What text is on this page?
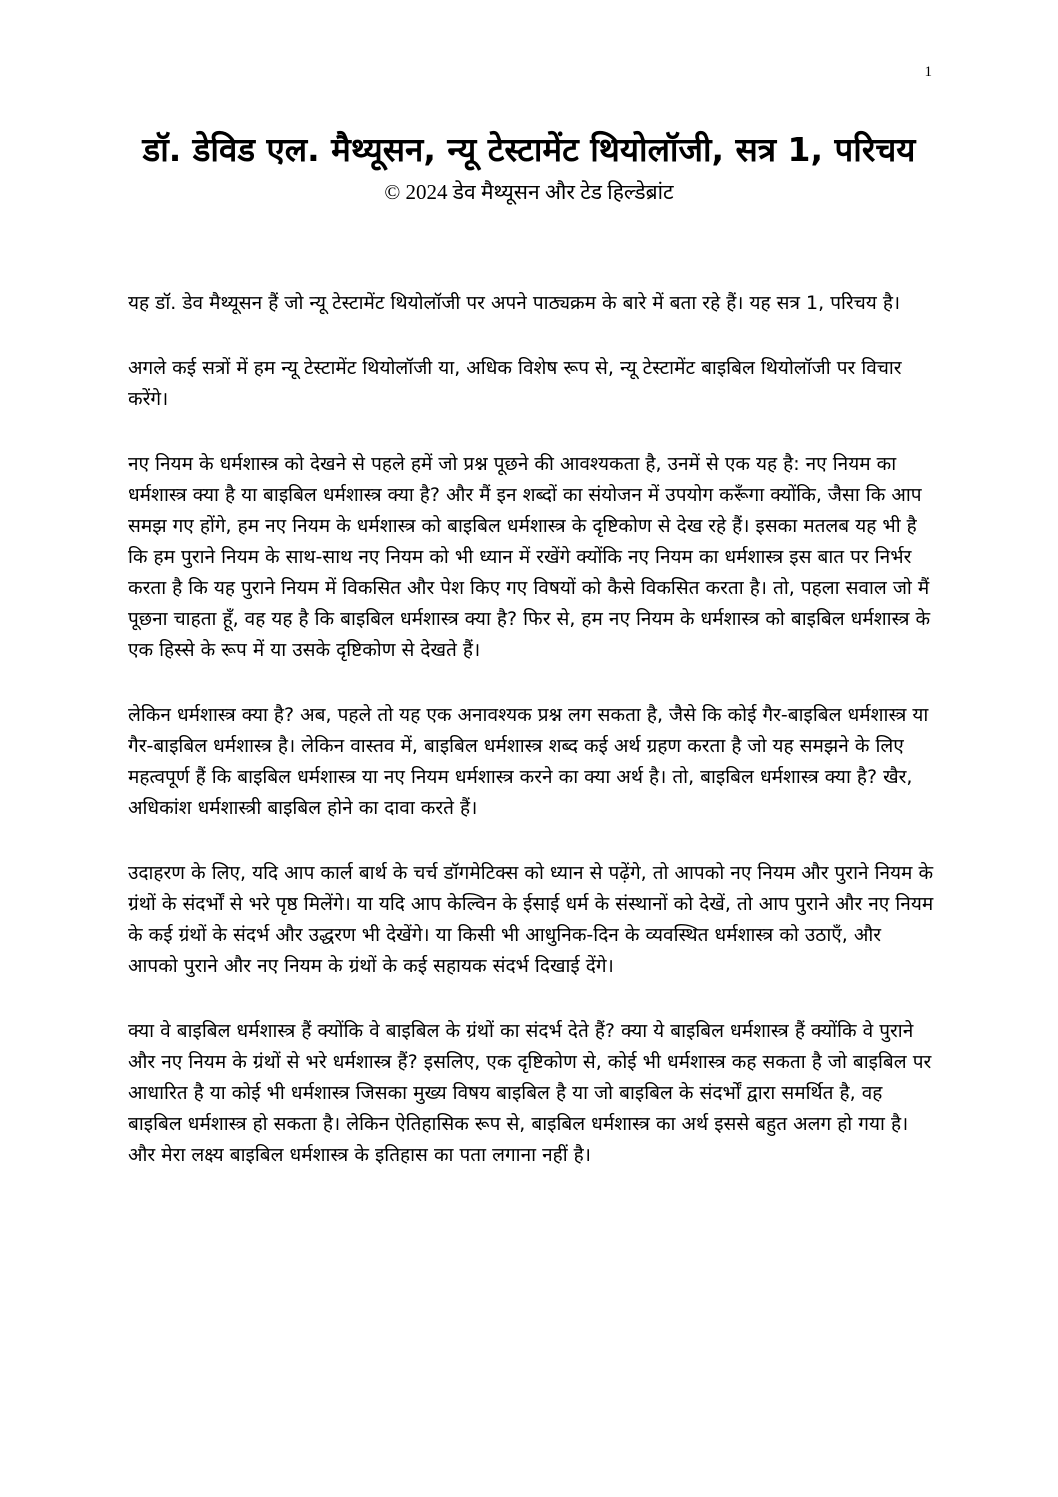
1
डॉ. डेविड एल. मैथ्यूसन, न्यू टेस्टामेंट थियोलॉजी, सत्र 1, परिचय
© 2024 डेव मैथ्यूसन और टेड हिल्डेब्रांट

यह डॉ. डेव मैथ्यूसन हैं जो न्यू टेस्टामेंट थियोलॉजी पर अपने पाठ्यक्रम के बारे में बता रहे हैं। यह सत्र 1, परिचय है।

अगले कई सत्रों में हम न्यू टेस्टामेंट थियोलॉजी या, अधिक विशेष रूप से, न्यू टेस्टामेंट बाइबिल थियोलॉजी पर विचार करेंगे।

नए नियम के धर्मशास्त्र को देखने से पहले हमें जो प्रश्न पूछने की आवश्यकता है, उनमें से एक यह है: नए नियम का धर्मशास्त्र क्या है या बाइबिल धर्मशास्त्र क्या है? और मैं इन शब्दों का संयोजन में उपयोग करूँगा क्योंकि, जैसा कि आप समझ गए होंगे, हम नए नियम के धर्मशास्त्र को बाइबिल धर्मशास्त्र के दृष्टिकोण से देख रहे हैं। इसका मतलब यह भी है कि हम पुराने नियम के साथ-साथ नए नियम को भी ध्यान में रखेंगे क्योंकि नए नियम का धर्मशास्त्र इस बात पर निर्भर करता है कि यह पुराने नियम में विकसित और पेश किए गए विषयों को कैसे विकसित करता है। तो, पहला सवाल जो मैं पूछना चाहता हूँ, वह यह है कि बाइबिल धर्मशास्त्र क्या है? फिर से, हम नए नियम के धर्मशास्त्र को बाइबिल धर्मशास्त्र के एक हिस्से के रूप में या उसके दृष्टिकोण से देखते हैं।

लेकिन धर्मशास्त्र क्या है? अब, पहले तो यह एक अनावश्यक प्रश्न लग सकता है, जैसे कि कोई गैर-बाइबिल धर्मशास्त्र या गैर-बाइबिल धर्मशास्त्र है। लेकिन वास्तव में, बाइबिल धर्मशास्त्र शब्द कई अर्थ ग्रहण करता है जो यह समझने के लिए महत्वपूर्ण हैं कि बाइबिल धर्मशास्त्र या नए नियम धर्मशास्त्र करने का क्या अर्थ है। तो, बाइबिल धर्मशास्त्र क्या है? खैर, अधिकांश धर्मशास्त्री बाइबिल होने का दावा करते हैं।

उदाहरण के लिए, यदि आप कार्ल बार्थ के चर्च डॉगमेटिक्स को ध्यान से पढ़ेंगे, तो आपको नए नियम और पुराने नियम के ग्रंथों के संदर्भों से भरे पृष्ठ मिलेंगे। या यदि आप केल्विन के ईसाई धर्म के संस्थानों को देखें, तो आप पुराने और नए नियम के कई ग्रंथों के संदर्भ और उद्धरण भी देखेंगे। या किसी भी आधुनिक-दिन के व्यवस्थित धर्मशास्त्र को उठाएँ, और आपको पुराने और नए नियम के ग्रंथों के कई सहायक संदर्भ दिखाई देंगे।

क्या वे बाइबिल धर्मशास्त्र हैं क्योंकि वे बाइबिल के ग्रंथों का संदर्भ देते हैं? क्या ये बाइबिल धर्मशास्त्र हैं क्योंकि वे पुराने और नए नियम के ग्रंथों से भरे धर्मशास्त्र हैं? इसलिए, एक दृष्टिकोण से, कोई भी धर्मशास्त्र कह सकता है जो बाइबिल पर आधारित है या कोई भी धर्मशास्त्र जिसका मुख्य विषय बाइबिल है या जो बाइबिल के संदर्भों द्वारा समर्थित है, वह बाइबिल धर्मशास्त्र हो सकता है। लेकिन ऐतिहासिक रूप से, बाइबिल धर्मशास्त्र का अर्थ इससे बहुत अलग हो गया है। और मेरा लक्ष्य बाइबिल धर्मशास्त्र के इतिहास का पता लगाना नहीं है।
